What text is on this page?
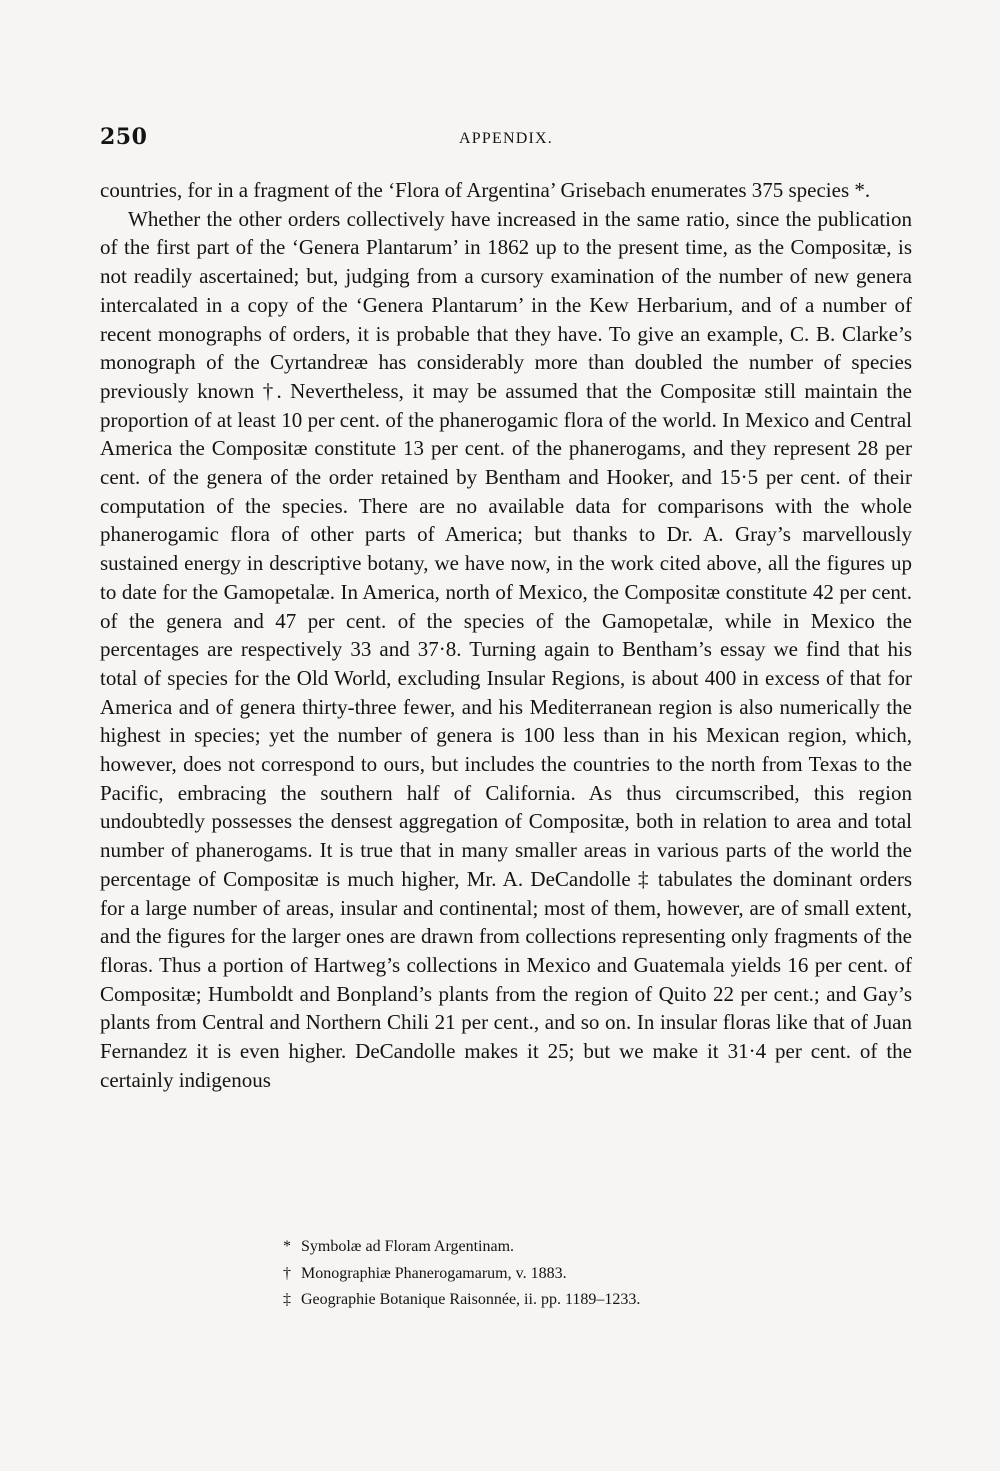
250	APPENDIX.

countries, for in a fragment of the ‘Flora of Argentina’ Grisebach enumerates 375 species *.

Whether the other orders collectively have increased in the same ratio, since the publication of the first part of the ‘Genera Plantarum’ in 1862 up to the present time, as the Compositæ, is not readily ascertained; but, judging from a cursory examination of the number of new genera intercalated in a copy of the ‘Genera Plantarum’ in the Kew Herbarium, and of a number of recent monographs of orders, it is probable that they have. To give an example, C. B. Clarke’s monograph of the Cyrtandreæ has considerably more than doubled the number of species previously known †. Nevertheless, it may be assumed that the Compositæ still maintain the proportion of at least 10 per cent. of the phanerogamic flora of the world. In Mexico and Central America the Compositæ constitute 13 per cent. of the phanerogams, and they represent 28 per cent. of the genera of the order retained by Bentham and Hooker, and 15·5 per cent. of their computation of the species. There are no available data for comparisons with the whole phanerogamic flora of other parts of America; but thanks to Dr. A. Gray’s marvellously sustained energy in descriptive botany, we have now, in the work cited above, all the figures up to date for the Gamopetalæ. In America, north of Mexico, the Compositæ constitute 42 per cent. of the genera and 47 per cent. of the species of the Gamopetalæ, while in Mexico the percentages are respectively 33 and 37·8. Turning again to Bentham’s essay we find that his total of species for the Old World, excluding Insular Regions, is about 400 in excess of that for America and of genera thirty-three fewer, and his Mediterranean region is also numerically the highest in species; yet the number of genera is 100 less than in his Mexican region, which, however, does not correspond to ours, but includes the countries to the north from Texas to the Pacific, embracing the southern half of California. As thus circumscribed, this region undoubtedly possesses the densest aggregation of Compositæ, both in relation to area and total number of phanerogams. It is true that in many smaller areas in various parts of the world the percentage of Compositæ is much higher, Mr. A. DeCandolle ‡ tabulates the dominant orders for a large number of areas, insular and continental; most of them, however, are of small extent, and the figures for the larger ones are drawn from collections representing only fragments of the floras. Thus a portion of Hartweg’s collections in Mexico and Guatemala yields 16 per cent. of Compositæ; Humboldt and Bonpland’s plants from the region of Quito 22 per cent.; and Gay’s plants from Central and Northern Chili 21 per cent., and so on. In insular floras like that of Juan Fernandez it is even higher. DeCandolle makes it 25; but we make it 31·4 per cent. of the certainly indigenous

* Symbolæ ad Floram Argentinam.
† Monographiæ Phanerogamarum, v. 1883.
‡ Geographie Botanique Raisonnée, ii. pp. 1189–1233.
